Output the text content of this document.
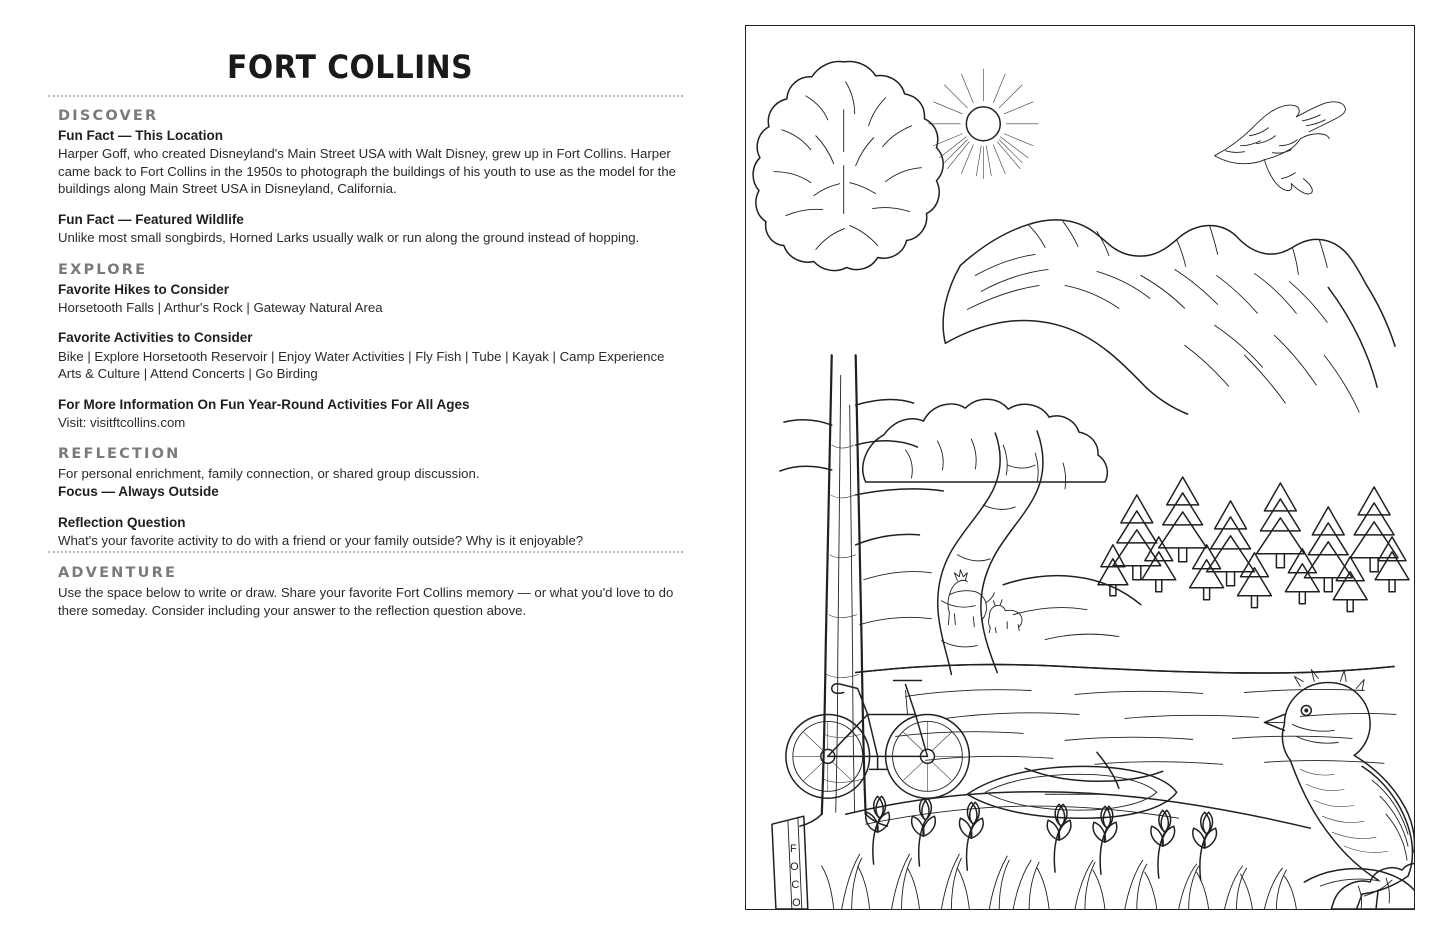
FORT COLLINS
DISCOVER
Fun Fact — This Location
Harper Goff, who created Disneyland's Main Street USA with Walt Disney, grew up in Fort Collins. Harper came back to Fort Collins in the 1950s to photograph the buildings of his youth to use as the model for the buildings along Main Street USA in Disneyland, California.
Fun Fact — Featured Wildlife
Unlike most small songbirds, Horned Larks usually walk or run along the ground instead of hopping.
EXPLORE
Favorite Hikes to Consider
Horsetooth Falls | Arthur's Rock | Gateway Natural Area
Favorite Activities to Consider
Bike | Explore Horsetooth Reservoir | Enjoy Water Activities | Fly Fish | Tube | Kayak | Camp Experience Arts & Culture | Attend Concerts | Go Birding
For More Information On Fun Year-Round Activities For All Ages
Visit: visitftcollins.com
REFLECTION
For personal enrichment, family connection, or shared group discussion.
Focus — Always Outside
Reflection Question
What's your favorite activity to do with a friend or your family outside? Why is it enjoyable?
ADVENTURE
Use the space below to write or draw. Share your favorite Fort Collins memory — or what you'd love to do there someday. Consider including your answer to the reflection question above.
F
O
C
O
